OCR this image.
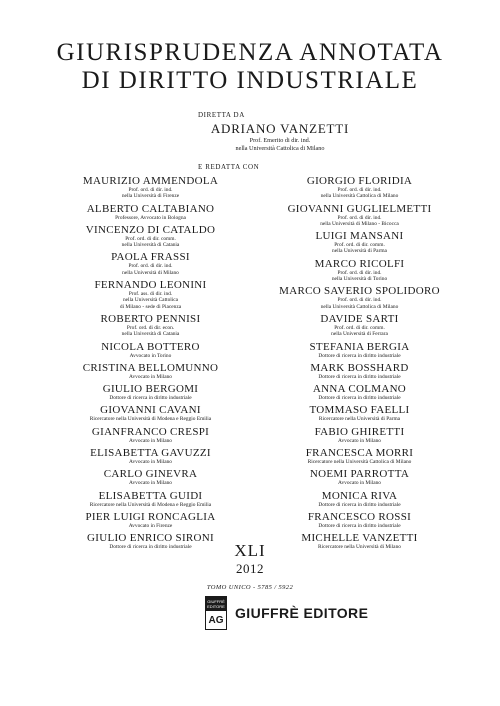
GIURISPRUDENZA ANNOTATA
DI DIRITTO INDUSTRIALE
DIRETTA DA
ADRIANO VANZETTI
Prof. Emerito di dir. ind.
nella Università Cattolica di Milano
E REDATTA CON
MAURIZIO AMMENDOLA
Prof. ord. di dir. ind.
nella Università di Firenze
ALBERTO CALTABIANO
Professore, Avvocato in Bologna
VINCENZO DI CATALDO
Prof. ord. di dir. comm.
nella Università di Catania
PAOLA FRASSI
Prof. ord. di dir. ind.
nella Università di Milano
FERNANDO LEONINI
Prof. ass. di dir. ind.
nella Università Cattolica
di Milano - sede di Piacenza
ROBERTO PENNISI
Prof. ord. di dir. econ.
nella Università di Catania
NICOLA BOTTERO
Avvocato in Torino
CRISTINA BELLOMUNNO
Avvocato in Milano
GIULIO BERGOMI
Dottore di ricerca in diritto industriale
GIOVANNI CAVANI
Ricercatore nella Università di Modena e Reggio Emilia
GIANFRANCO CRESPI
Avvocato in Milano
ELISABETTA GAVUZZI
Avvocato in Milano
CARLO GINEVRA
Avvocato in Milano
ELISABETTA GUIDI
Ricercatore nella Università di Modena e Reggio Emilia
PIER LUIGI RONCAGLIA
Avvocato in Firenze
GIULIO ENRICO SIRONI
Dottore di ricerca in diritto industriale
GIORGIO FLORIDIA
Prof. ord. di dir. ind.
nella Università Cattolica di Milano
GIOVANNI GUGLIELMETTI
Prof. ord. di dir. ind.
nella Università di Milano - Bicocca
LUIGI MANSANI
Prof. ord. di dir. comm.
nella Università di Parma
MARCO RICOLFI
Prof. ord. di dir. ind.
nella Università di Torino
MARCO SAVERIO SPOLIDORO
Prof. ord. di dir. ind.
nella Università Cattolica di Milano
DAVIDE SARTI
Prof. ord. di dir. comm.
nella Università di Ferrara
STEFANIA BERGIA
Dottore di ricerca in diritto industriale
MARK BOSSHARD
Dottore di ricerca in diritto industriale
ANNA COLMANO
Dottore di ricerca in diritto industriale
TOMMASO FAELLI
Ricercatore nella Università di Parma
FABIO GHIRETTI
Avvocato in Milano
FRANCESCA MORRI
Ricercatore nella Università Cattolica di Milano
NOEMI PARROTTA
Avvocato in Milano
MONICA RIVA
Dottore di ricerca in diritto industriale
FRANCESCO ROSSI
Dottore di ricerca in diritto industriale
MICHELLE VANZETTI
Ricercatore nella Università di Milano
XLI
2012
TOMO UNICO - 5785 / 5922
GIUFFRÈ EDITORE
AG GIUFFRÈ EDITORE
